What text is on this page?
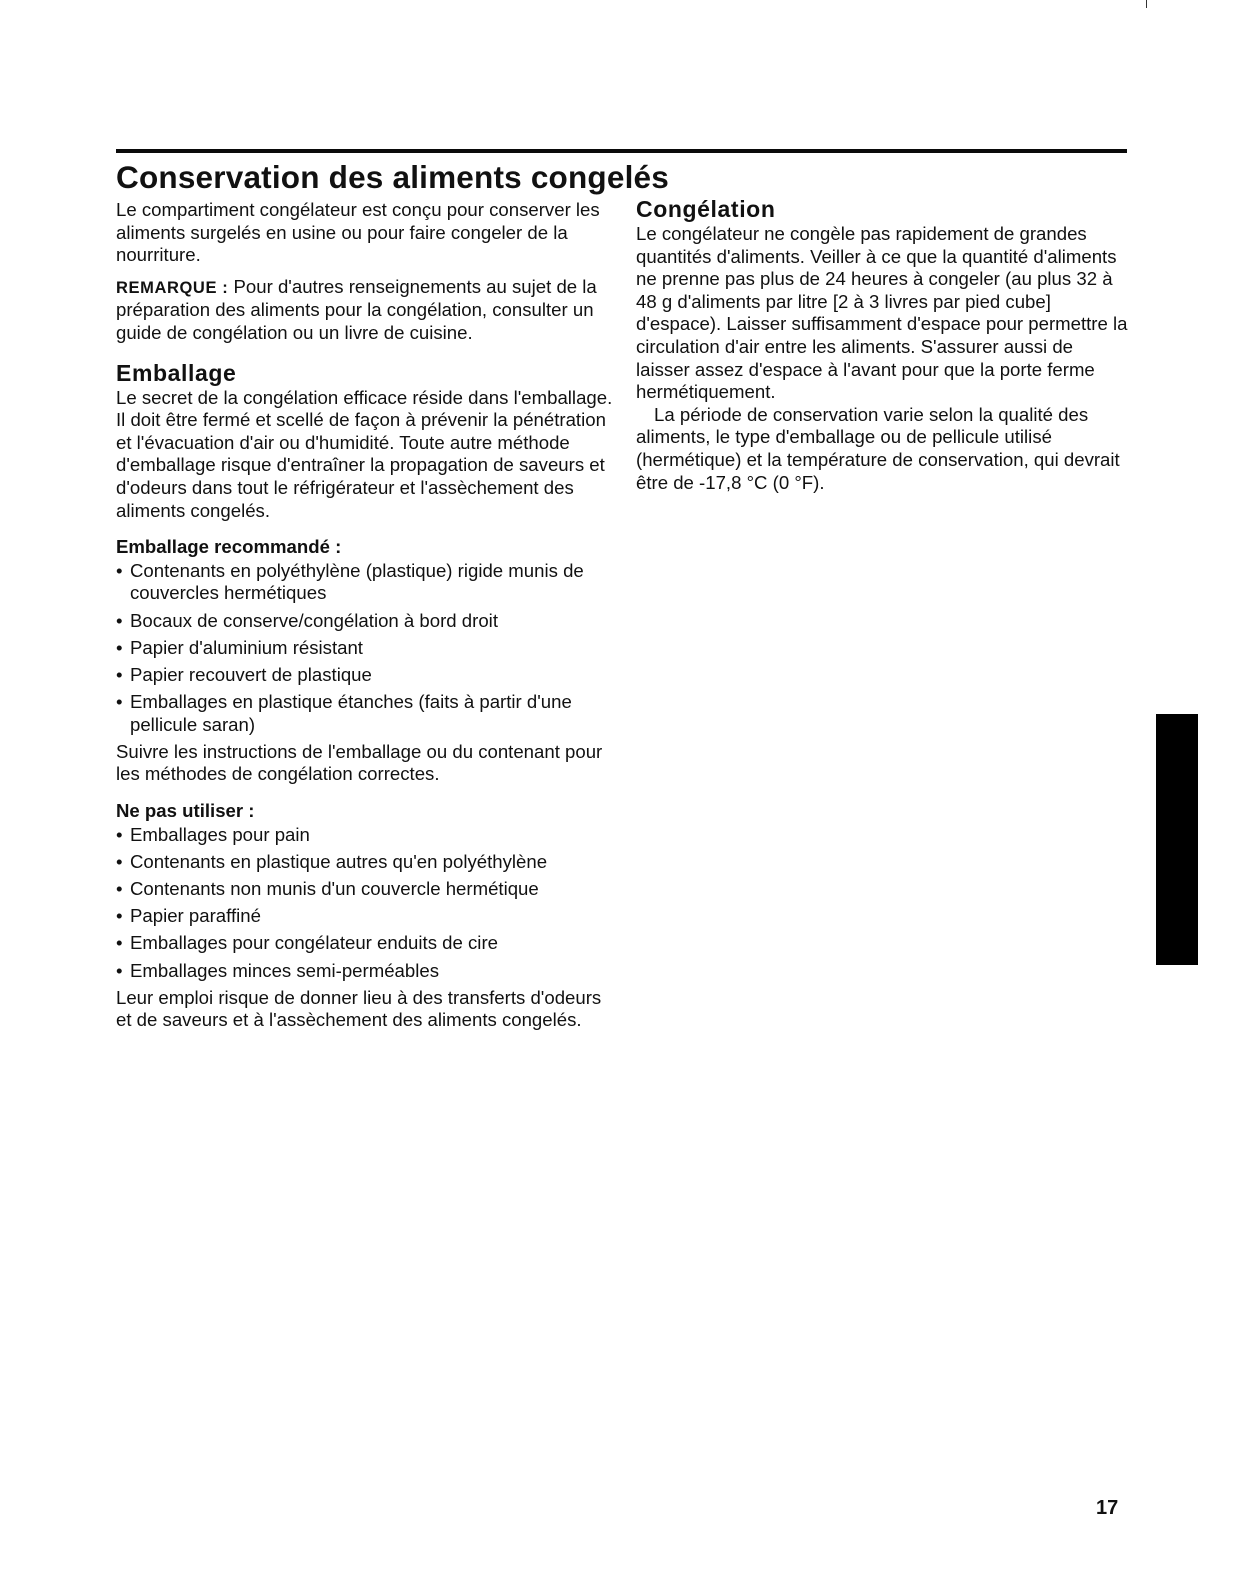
Conservation des aliments congelés

Le compartiment congélateur est conçu pour conserver les aliments surgelés en usine ou pour faire congeler de la nourriture.

REMARQUE : Pour d'autres renseignements au sujet de la préparation des aliments pour la congélation, consulter un guide de congélation ou un livre de cuisine.

Emballage

Le secret de la congélation efficace réside dans l'emballage. Il doit être fermé et scellé de façon à prévenir la pénétration et l'évacuation d'air ou d'humidité. Toute autre méthode d'emballage risque d'entraîner la propagation de saveurs et d'odeurs dans tout le réfrigérateur et l'assèchement des aliments congelés.

Emballage recommandé :
• Contenants en polyéthylène (plastique) rigide munis de couvercles hermétiques
• Bocaux de conserve/congélation à bord droit
• Papier d'aluminium résistant
• Papier recouvert de plastique
• Emballages en plastique étanches (faits à partir d'une pellicule saran)

Suivre les instructions de l'emballage ou du contenant pour les méthodes de congélation correctes.

Ne pas utiliser :
• Emballages pour pain
• Contenants en plastique autres qu'en polyéthylène
• Contenants non munis d'un couvercle hermétique
• Papier paraffiné
• Emballages pour congélateur enduits de cire
• Emballages minces semi-perméables

Leur emploi risque de donner lieu à des transferts d'odeurs et de saveurs et à l'assèchement des aliments congelés.

Congélation

Le congélateur ne congèle pas rapidement de grandes quantités d'aliments. Veiller à ce que la quantité d'aliments ne prenne pas plus de 24 heures à congeler (au plus 32 à 48 g d'aliments par litre [2 à 3 livres par pied cube] d'espace). Laisser suffisamment d'espace pour permettre la circulation d'air entre les aliments. S'assurer aussi de laisser assez d'espace à l'avant pour que la porte ferme hermétiquement.

La période de conservation varie selon la qualité des aliments, le type d'emballage ou de pellicule utilisé (hermétique) et la température de conservation, qui devrait être de -17,8 °C (0 °F).

17
